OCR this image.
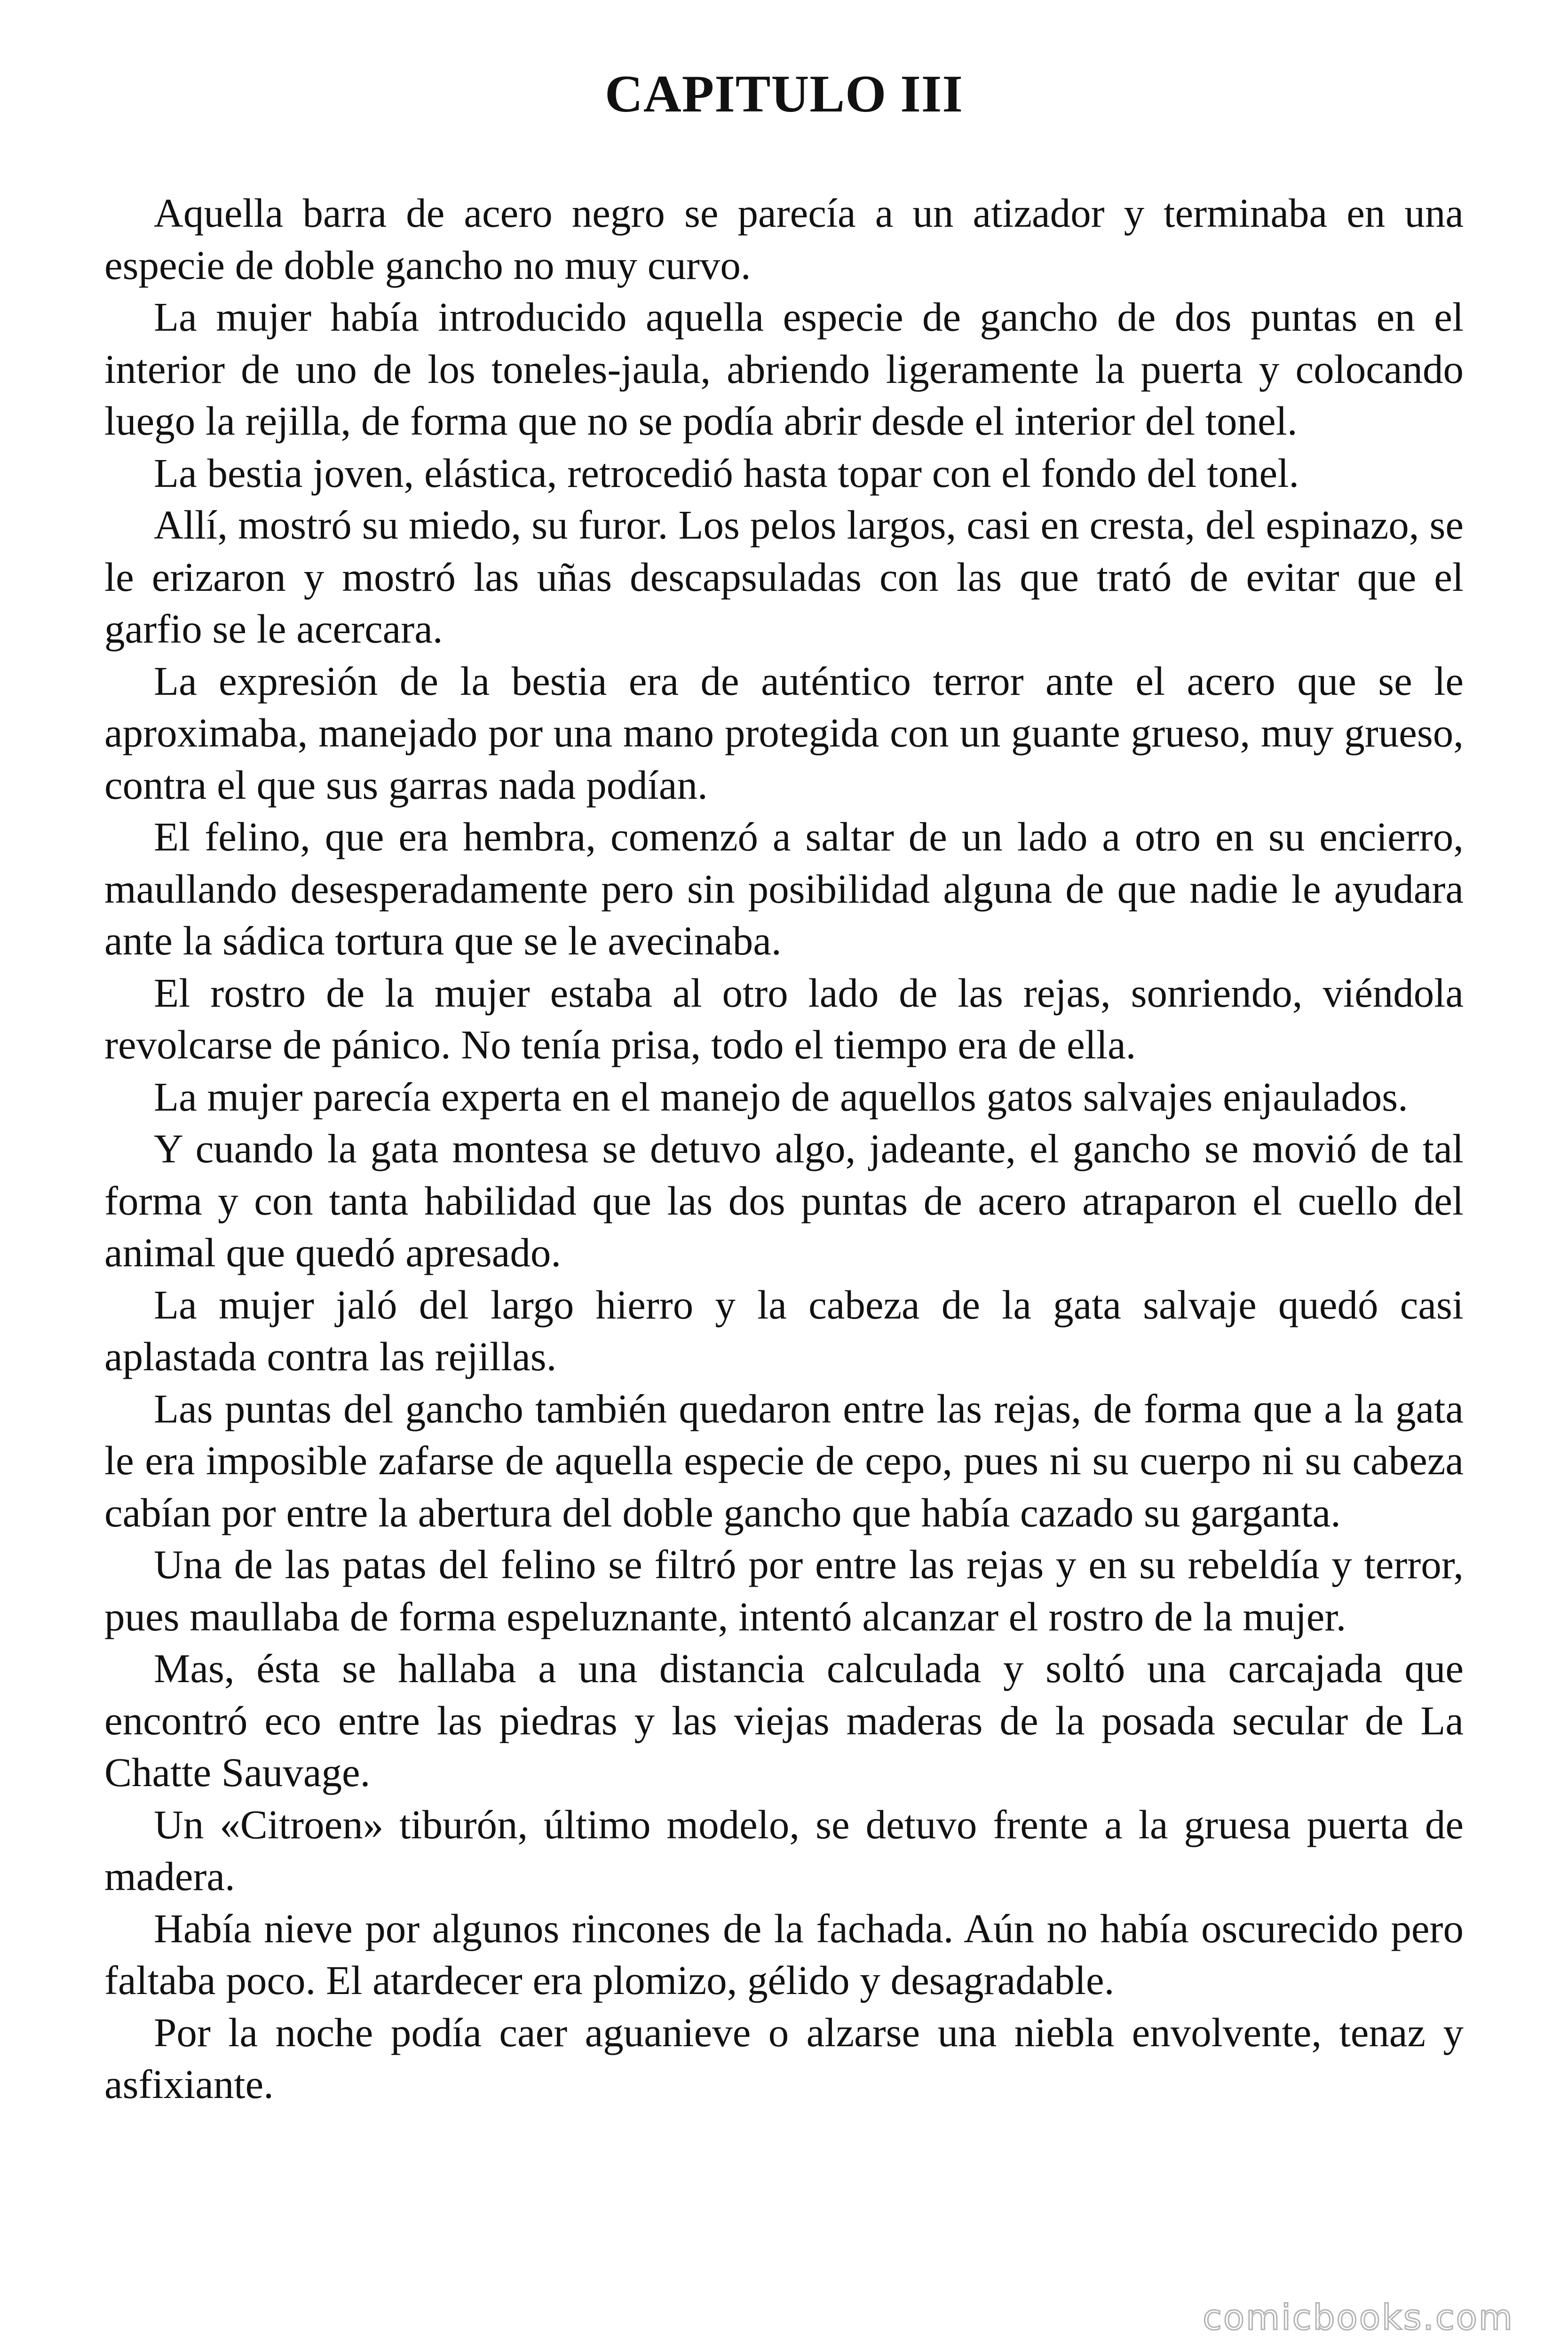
CAPITULO III

Aquella barra de acero negro se parecía a un atizador y terminaba en una especie de doble gancho no muy curvo.

La mujer había introducido aquella especie de gancho de dos puntas en el interior de uno de los toneles-jaula, abriendo ligeramente la puerta y colocando luego la rejilla, de forma que no se podía abrir desde el interior del tonel.

La bestia joven, elástica, retrocedió hasta topar con el fondo del tonel.

Allí, mostró su miedo, su furor. Los pelos largos, casi en cresta, del espinazo, se le erizaron y mostró las uñas descapsuladas con las que trató de evitar que el garfio se le acercara.

La expresión de la bestia era de auténtico terror ante el acero que se le aproximaba, manejado por una mano protegida con un guante grueso, muy grueso, contra el que sus garras nada podían.

El felino, que era hembra, comenzó a saltar de un lado a otro en su encierro, maullando desesperadamente pero sin posibilidad alguna de que nadie le ayudara ante la sádica tortura que se le avecinaba.

El rostro de la mujer estaba al otro lado de las rejas, sonriendo, viéndola revolcarse de pánico. No tenía prisa, todo el tiempo era de ella.

La mujer parecía experta en el manejo de aquellos gatos salvajes enjaulados.

Y cuando la gata montesa se detuvo algo, jadeante, el gancho se movió de tal forma y con tanta habilidad que las dos puntas de acero atraparon el cuello del animal que quedó apresado.

La mujer jaló del largo hierro y la cabeza de la gata salvaje quedó casi aplastada contra las rejillas.

Las puntas del gancho también quedaron entre las rejas, de forma que a la gata le era imposible zafarse de aquella especie de cepo, pues ni su cuerpo ni su cabeza cabían por entre la abertura del doble gancho que había cazado su garganta.

Una de las patas del felino se filtró por entre las rejas y en su rebeldía y terror, pues maullaba de forma espeluznante, intentó alcanzar el rostro de la mujer.

Mas, ésta se hallaba a una distancia calculada y soltó una carcajada que encontró eco entre las piedras y las viejas maderas de la posada secular de La Chatte Sauvage.

Un «Citroen» tiburón, último modelo, se detuvo frente a la gruesa puerta de madera.

Había nieve por algunos rincones de la fachada. Aún no había oscurecido pero faltaba poco. El atardecer era plomizo, gélido y desagradable.

Por la noche podía caer aguanieve o alzarse una niebla envolvente, tenaz y asfixiante.

comicbooks.com
